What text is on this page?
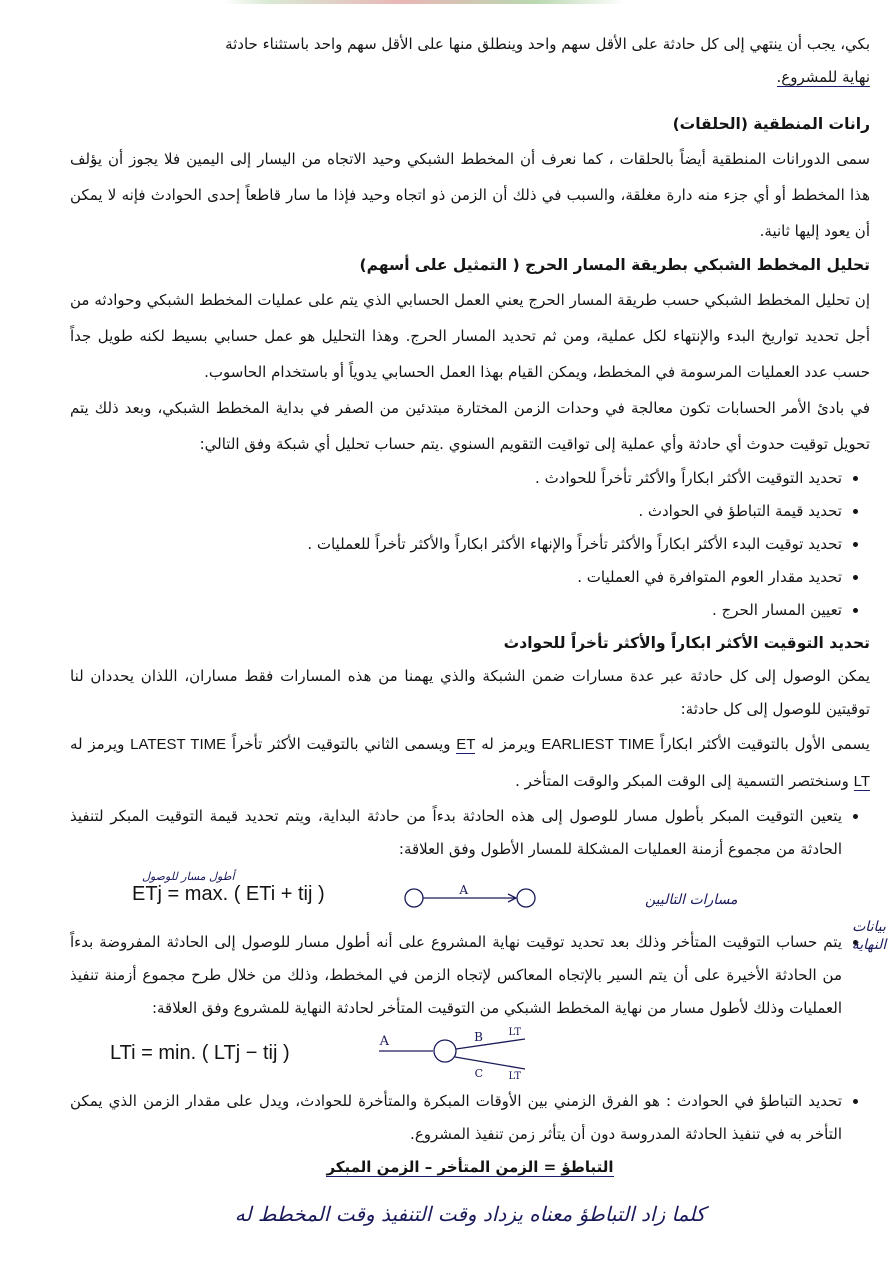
بكي، يجب أن ينتهي إلى كل حادثة على الأقل سهم واحد وينطلق منها على الأقل سهم واحد باستثناء حادثة

نهاية للمشروع.

رانات المنطقية (الحلقات)

سمى الدورانات المنطقية أيضاً بالحلقات ، كما نعرف أن المخطط الشبكي وحيد الاتجاه من اليسار إلى اليمين فلا يجوز أن يؤلف هذا المخطط أو أي جزء منه دارة مغلقة، والسبب في ذلك أن الزمن ذو اتجاه وحيد فإذا ما سار قاطعاً إحدى الحوادث فإنه لا يمكن أن يعود إليها ثانية.

تحليل المخطط الشبكي بطريقة المسار الحرج ( التمثيل على أسهم)

إن تحليل المخطط الشبكي حسب طريقة المسار الحرج يعني العمل الحسابي الذي يتم على عمليات المخطط الشبكي وحوادثه من أجل تحديد تواريخ البدء والإنتهاء لكل عملية، ومن ثم تحديد المسار الحرج. وهذا التحليل هو عمل حسابي بسيط لكنه طويل جداً حسب عدد العمليات المرسومة في المخطط، ويمكن القيام بهذا العمل الحسابي يدوياً أو باستخدام الحاسوب.

في بادئ الأمر الحسابات تكون معالجة في وحدات الزمن المختارة مبتدئين من الصفر في بداية المخطط الشبكي، وبعد ذلك يتم تحويل توقيت حدوث أي حادثة وأي عملية إلى تواقيت التقويم السنوي .يتم حساب تحليل أي شبكة وفق التالي:

• تحديد التوقيت الأكثر ابكاراً والأكثر تأخراً للحوادث .
• تحديد قيمة التباطؤ في الحوادث .
• تحديد توقيت البدء الأكثر ابكاراً والأكثر تأخراً والإنهاء الأكثر ابكاراً والأكثر تأخراً للعمليات .
• تحديد مقدار العوم المتوافرة في العمليات .
• تعيين المسار الحرج .

تحديد التوقيت الأكثر ابكاراً والأكثر تأخراً للحوادث

يمكن الوصول إلى كل حادثة عبر عدة مسارات ضمن الشبكة والذي يهمنا من هذه المسارات فقط مساران، اللذان يحددان لنا توقيتين للوصول إلى كل حادثة:

يسمى الأول بالتوقيت الأكثر ابكاراً EARLIEST TIME ويرمز له ET ويسمى الثاني بالتوقيت الأكثر تأخراً LATEST TIME ويرمز له LT وسنختصر التسمية إلى الوقت المبكر والوقت المتأخر .

• يتعين التوقيت المبكر بأطول مسار للوصول إلى هذه الحادثة بدءاً من حادثة البداية، ويتم تحديد قيمة التوقيت المبكر لتنفيذ الحادثة من مجموع أزمنة العمليات المشكلة للمسار الأطول وفق العلاقة:
ETj = max. ( ETi + tij )
أطول مسار للوصول
A
مسارات التاليين
• يتم حساب التوقيت المتأخر وذلك بعد تحديد توقيت نهاية المشروع على أنه أطول مسار للوصول إلى الحادثة المفروضة بدءاً من الحادثة الأخيرة على أن يتم السير بالإتجاه المعاكس لإتجاه الزمن في المخطط، وذلك من خلال طرح مجموع أزمنة تنفيذ العمليات وذلك لأطول مسار من نهاية المخطط الشبكي من التوقيت المتأخر لحادثة النهاية للمشروع وفق العلاقة:
LTi = min. ( LTj − tij )
A	B
C
LT
LT
• تحديد التباطؤ في الحوادث : هو الفرق الزمني بين الأوقات المبكرة والمتأخرة للحوادث، ويدل على مقدار الزمن الذي يمكن التأخر به في تنفيذ الحادثة المدروسة دون أن يتأثر زمن تنفيذ المشروع.

التباطؤ = الزمن المتأخر – الزمن المبكر

كلما زاد التباطؤ معناه يزداد وقت التنفيذ وقت المخطط له

بيانات النهاية
